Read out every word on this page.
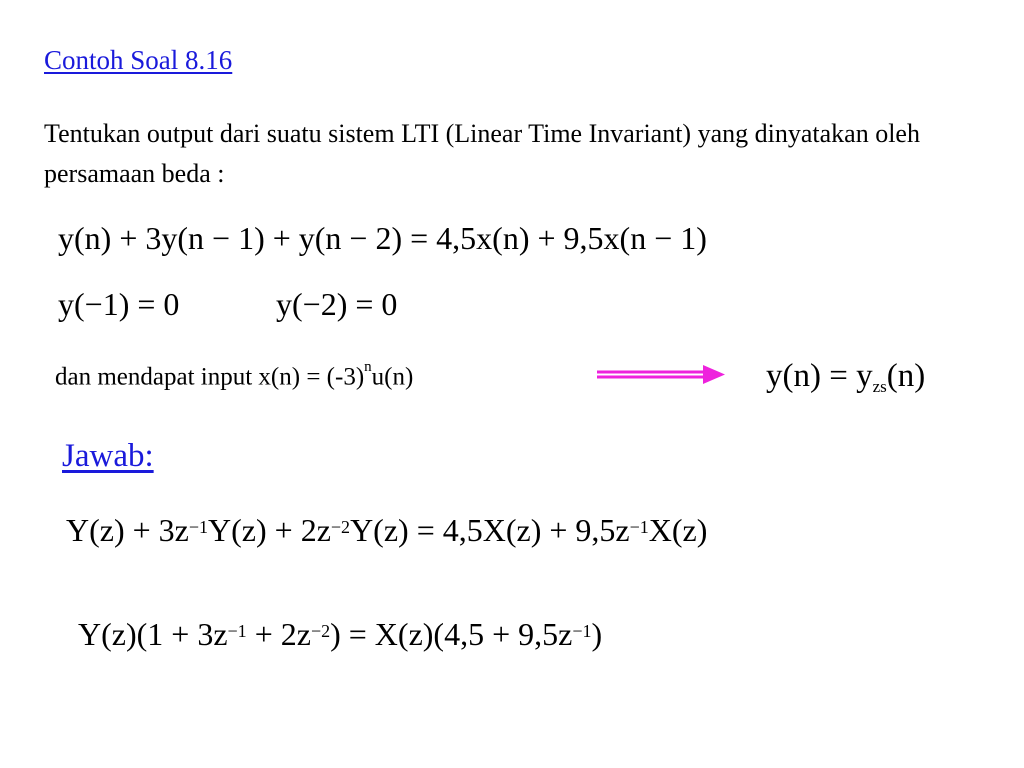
Contoh Soal 8.16
Tentukan output dari suatu sistem LTI (Linear Time Invariant) yang dinyatakan oleh persamaan beda :
y(n) + 3y(n − 1) + y(n − 2) = 4,5x(n) + 9,5x(n − 1)
y(−1) = 0	y(−2) = 0
dan mendapat input $x(n) = (-3)^nu(n)$	$y(n) = y_{zs}(n)$
Jawab:
$Y(z) + 3z^{-1}Y(z) + 2z^{-2}Y(z) = 4,5X(z) + 9,5z^{-1}X(z)$
$Y(z)(1 + 3z^{-1} + 2z^{-2}) = X(z)(4,5 + 9,5z^{-1})$
